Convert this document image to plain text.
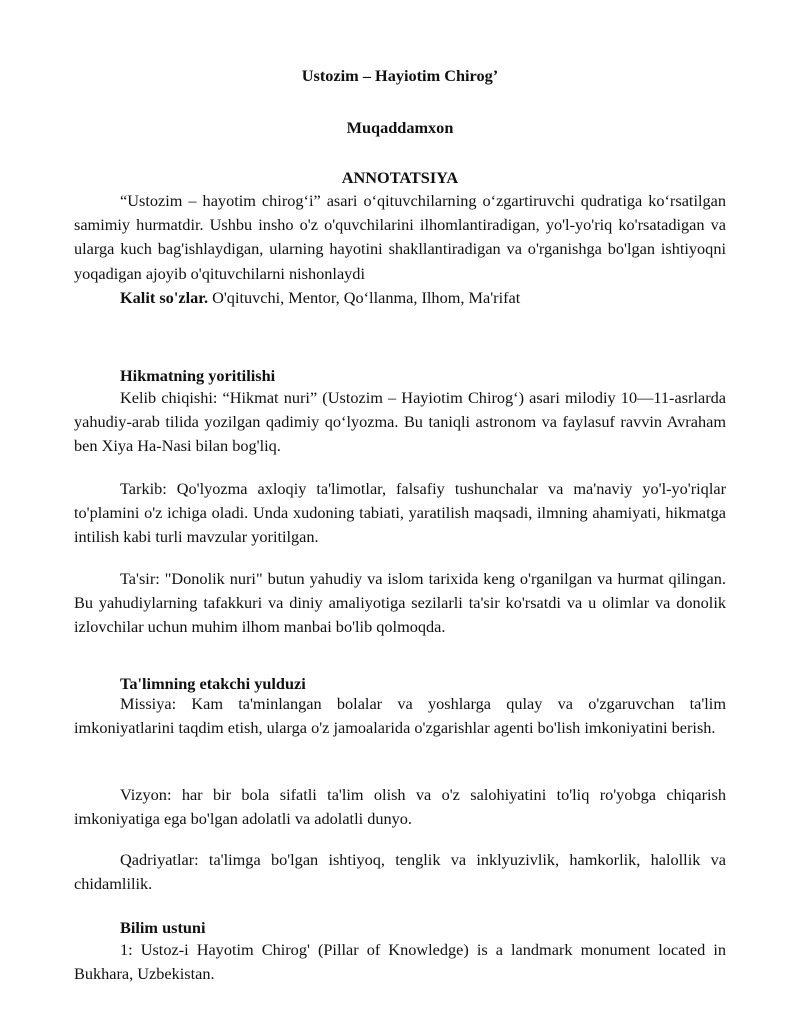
Ustozim – Hayiotim Chirog’
Muqaddamxon
ANNOTATSIYA
“Ustozim – hayotim chirog‘i” asari o‘qituvchilarning o‘zgartiruvchi qudratiga ko‘rsatilgan samimiy hurmatdir. Ushbu insho o'z o'quvchilarini ilhomlantiradigan, yo'l-yo'riq ko'rsatadigan va ularga kuch bag'ishlaydigan, ularning hayotini shakllantiradigan va o'rganishga bo'lgan ishtiyoqni yoqadigan ajoyib o'qituvchilarni nishonlaydi
Kalit so'zlar. O'qituvchi, Mentor, Qo‘llanma, Ilhom, Ma'rifat
Hikmatning yoritilishi
Kelib chiqishi: “Hikmat nuri” (Ustozim – Hayiotim Chirog‘) asari milodiy 10—11-asrlarda yahudiy-arab tilida yozilgan qadimiy qo‘lyozma. Bu taniqli astronom va faylasuf ravvin Avraham ben Xiya Ha-Nasi bilan bog'liq.
Tarkib: Qo'lyozma axloqiy ta'limotlar, falsafiy tushunchalar va ma'naviy yo'l-yo'riqlar to'plamini o'z ichiga oladi. Unda xudoning tabiati, yaratilish maqsadi, ilmning ahamiyati, hikmatga intilish kabi turli mavzular yoritilgan.
Ta'sir: "Donolik nuri" butun yahudiy va islom tarixida keng o'rganilgan va hurmat qilingan. Bu yahudiylarning tafakkuri va diniy amaliyotiga sezilarli ta'sir ko'rsatdi va u olimlar va donolik izlovchilar uchun muhim ilhom manbai bo'lib qolmoqda.
Ta'limning etakchi yulduzi
Missiya: Kam ta'minlangan bolalar va yoshlarga qulay va o'zgaruvchan ta'lim imkoniyatlarini taqdim etish, ularga o'z jamoalarida o'zgarishlar agenti bo'lish imkoniyatini berish.
Vizyon: har bir bola sifatli ta'lim olish va o'z salohiyatini to'liq ro'yobga chiqarish imkoniyatiga ega bo'lgan adolatli va adolatli dunyo.
Qadriyatlar: ta'limga bo'lgan ishtiyoq, tenglik va inklyuzivlik, hamkorlik, halollik va chidamlilik.
Bilim ustuni
1: Ustoz-i Hayotim Chirog' (Pillar of Knowledge) is a landmark monument located in Bukhara, Uzbekistan.
